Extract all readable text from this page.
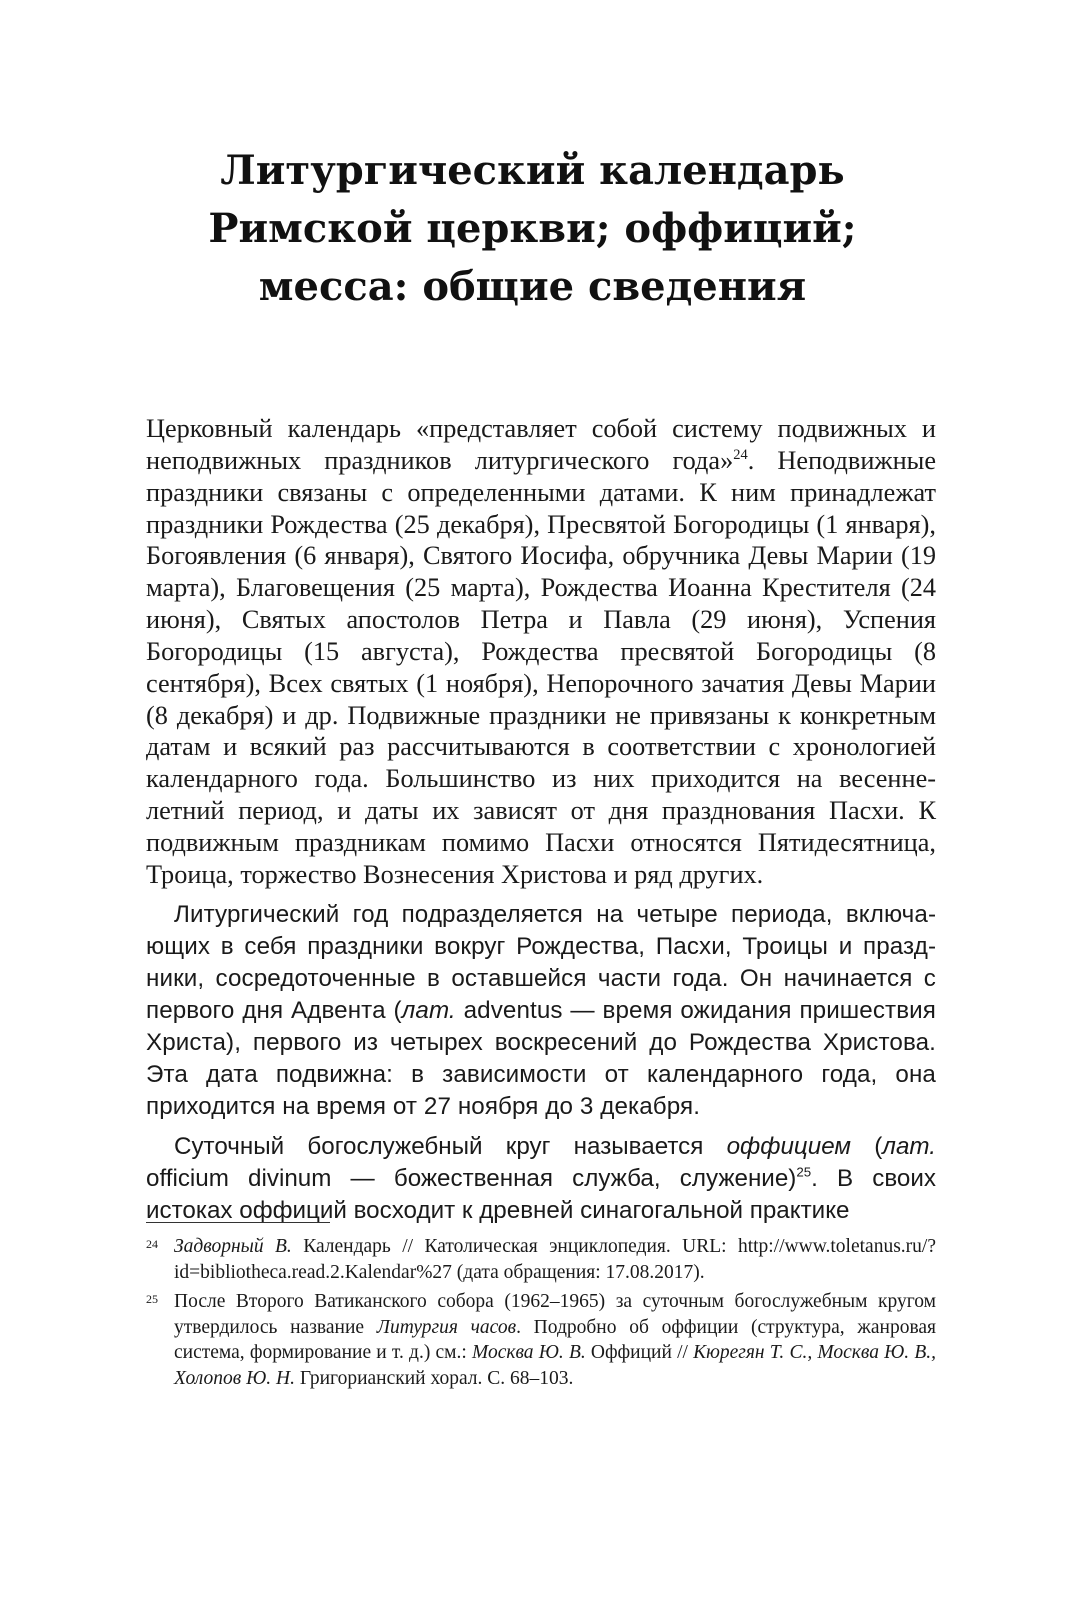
Литургический календарь
Римской церкви; оффиций;
месса: общие сведения

Церковный календарь «представляет собой систему подвижных и неподвижных праздников литургического года»$^{24}$. Неподвижные праздники связаны с определенными датами. К ним принадлежат праздники Рождества (25 декабря), Пресвятой Богородицы (1 января), Богоявления (6 января), Святого Иосифа, обручника Девы Марии (19 марта), Благовещения (25 марта), Рождества Иоанна Крестителя (24 июня), Святых апостолов Петра и Павла (29 июня), Успения Богородицы (15 августа), Рождества пресвятой Богородицы (8 сентября), Всех святых (1 ноября), Непорочного зачатия Девы Марии (8 декабря) и др. Подвижные праздники не привязаны к конкретным датам и всякий раз рассчитываются в соответствии с хронологией календарного года. Большинство из них приходится на весенне-летний период, и даты их зависят от дня празднования Пасхи. К подвижным праздникам помимо Пасхи относятся Пятидесятница, Троица, торжество Вознесения Христова и ряд других.

Литургический год подразделяется на четыре периода, включающих в себя праздники вокруг Рождества, Пасхи, Троицы и праздники, сосредоточенные в оставшейся части года. Он начинается с первого дня Адвента (лат. adventus — время ожидания пришествия Христа), первого из четырех воскресений до Рождества Христова. Эта дата подвижна: в зависимости от календарного года, она приходится на время от 27 ноября до 3 декабря.

Суточный богослужебный круг называется оффицием (лат. officium divinum — божественная служба, служение)$^{25}$. В своих истоках оффиций восходит к древней синагогальной практике

24 Задворный В. Календарь // Католическая энциклопедия. URL: http://www.toletanus.ru/?id=bibliotheca.read.2.Kalendar%27 (дата обращения: 17.08.2017).
25 После Второго Ватиканского собора (1962–1965) за суточным богослужебным кругом утвердилось название Литургия часов. Подробно об оффиции (структура, жанровая система, формирование и т. д.) см.: Москва Ю. В. Оффиций // Кюрегян Т. С., Москва Ю. В., Холопов Ю. Н. Григорианский хорал. С. 68–103.
